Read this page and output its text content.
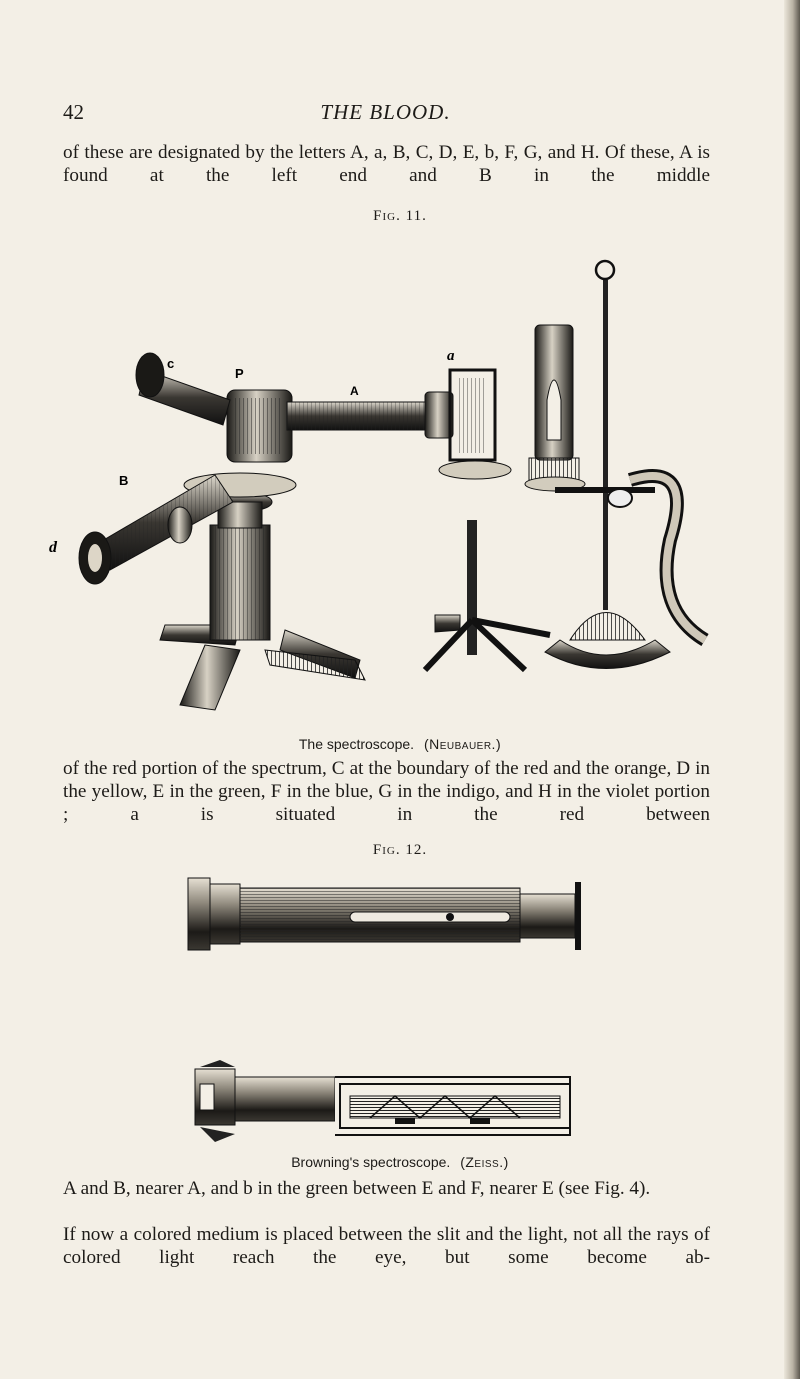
42	THE BLOOD.

of these are designated by the letters A, a, B, C, D, E, b, F, G, and H. Of these, A is found at the left end and B in the middle

Fig. 11.
c
P
A
B
d
a
The spectroscope. (Neubauer.)

of the red portion of the spectrum, C at the boundary of the red and the orange, D in the yellow, E in the green, F in the blue, G in the indigo, and H in the violet portion ; a is situated in the red between

Fig. 12.
Browning's spectroscope. (Zeiss.)

A and B, nearer A, and b in the green between E and F, nearer E (see Fig. 4).

If now a colored medium is placed between the slit and the light, not all the rays of colored light reach the eye, but some become ab-
